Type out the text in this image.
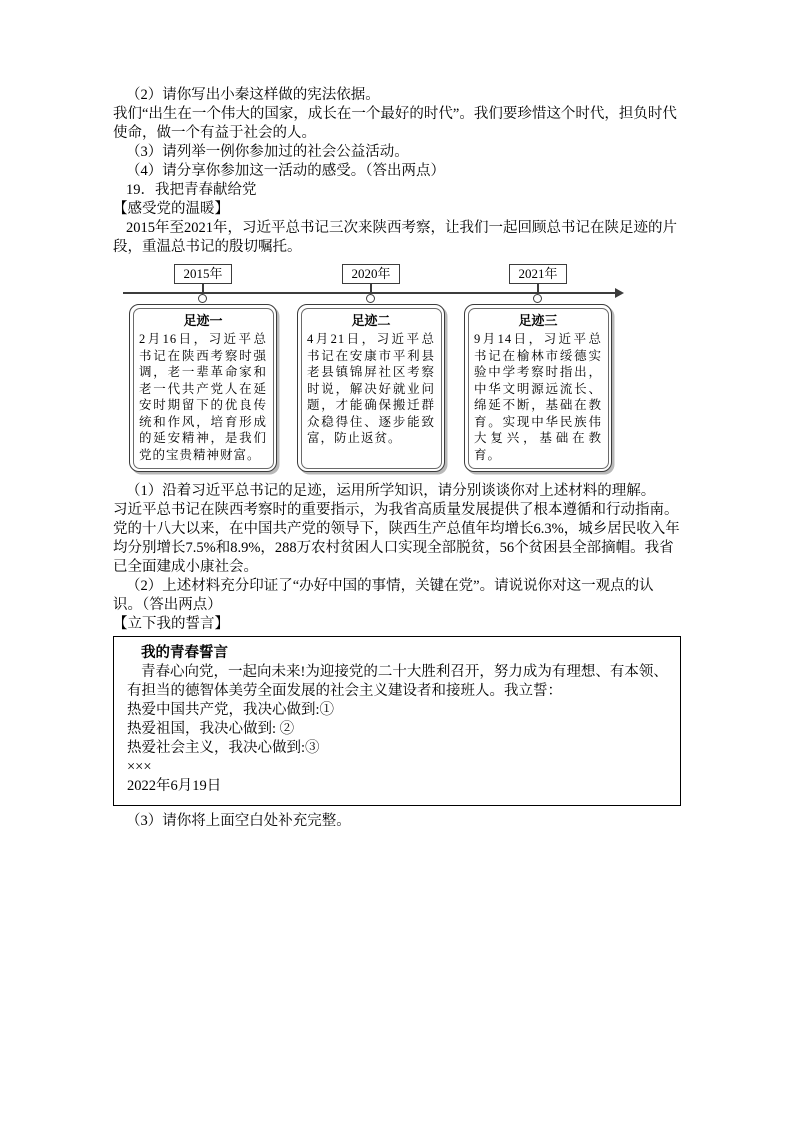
（2）请你写出小秦这样做的宪法依据。

我们“出生在一个伟大的国家，成长在一个最好的时代”。我们要珍惜这个时代，担负时代使命，做一个有益于社会的人。

（3）请列举一例你参加过的社会公益活动。

（4）请分享你参加这一活动的感受。（答出两点）

19．我把青春献给党

【感受党的温暖】

2015年至2021年，习近平总书记三次来陕西考察，让我们一起回顾总书记在陕足迹的片段，重温总书记的殷切嘱托。

2015年	2020年	2021年
足迹一
2月16日，习近平总书记在陕西考察时强调，老一辈革命家和老一代共产党人在延安时期留下的优良传统和作风，培育形成的延安精神，是我们党的宝贵精神财富。
足迹二
4月21日，习近平总书记在安康市平利县老县镇锦屏社区考察时说，解决好就业问题，才能确保搬迁群众稳得住、逐步能致富，防止返贫。
足迹三
9月14日，习近平总书记在榆林市绥德实验中学考察时指出，中华文明源远流长、绵延不断，基础在教育。实现中华民族伟大复兴，基础在教育。

（1）沿着习近平总书记的足迹，运用所学知识，请分别谈谈你对上述材料的理解。

习近平总书记在陕西考察时的重要指示，为我省高质量发展提供了根本遵循和行动指南。党的十八大以来，在中国共产党的领导下，陕西生产总值年均增长6.3%，城乡居民收入年均分别增长7.5%和8.9%，288万农村贫困人口实现全部脱贫，56个贫困县全部摘帽。我省已全面建成小康社会。

（2）上述材料充分印证了“办好中国的事情，关键在党”。请说说你对这一观点的认识。（答出两点）

【立下我的誓言】

我的青春誓言

青春心向党，一起向未来!为迎接党的二十大胜利召开，努力成为有理想、有本领、有担当的德智体美劳全面发展的社会主义建设者和接班人。我立誓：

热爱中国共产党，我决心做到:①

热爱祖国，我决心做到: ②

热爱社会主义，我决心做到:③

×××

2022年6月19日

（3）请你将上面空白处补充完整。
